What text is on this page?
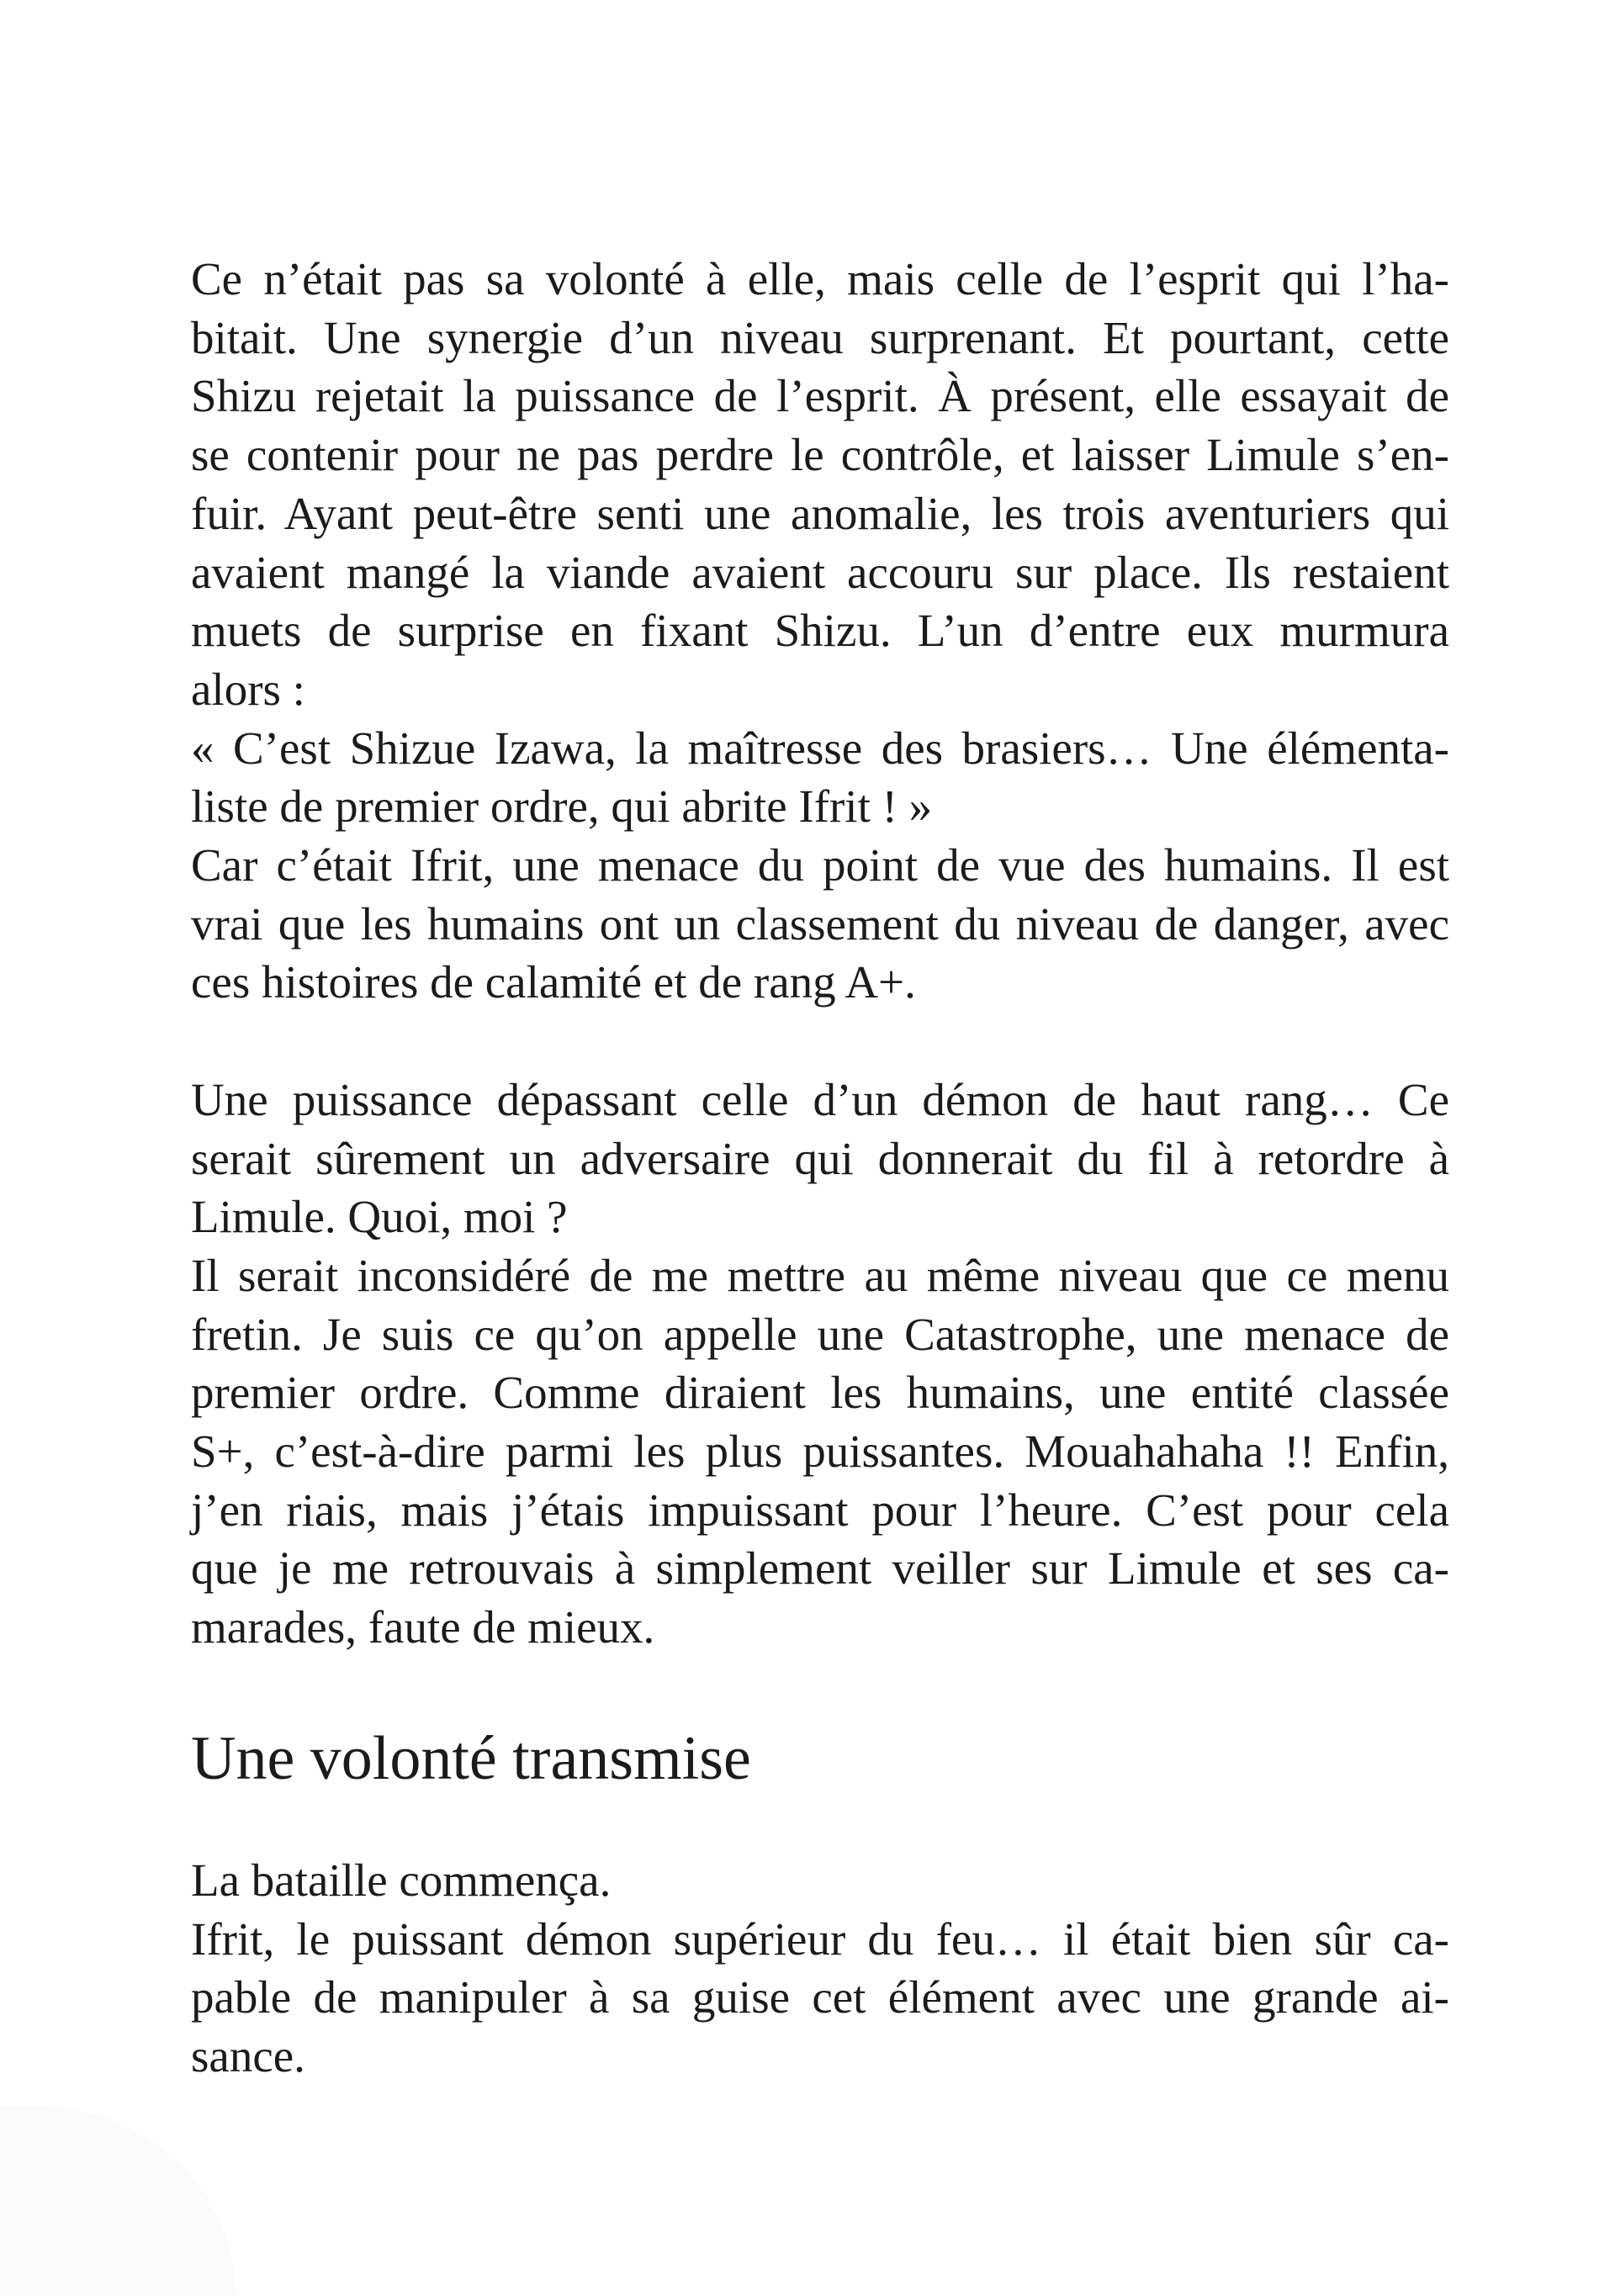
Ce n’était pas sa volonté à elle, mais celle de l’esprit qui l’ha-

bitait. Une synergie d’un niveau surprenant. Et pourtant, cette

Shizu rejetait la puissance de l’esprit. À présent, elle essayait de

se contenir pour ne pas perdre le contrôle, et laisser Limule s’en-

fuir. Ayant peut-être senti une anomalie, les trois aventuriers qui

avaient mangé la viande avaient accouru sur place. Ils restaient

muets de surprise en fixant Shizu. L’un d’entre eux murmura

alors :

« C’est Shizue Izawa, la maîtresse des brasiers… Une élémenta-

liste de premier ordre, qui abrite Ifrit ! »

Car c’était Ifrit, une menace du point de vue des humains. Il est

vrai que les humains ont un classement du niveau de danger, avec

ces histoires de calamité et de rang A+.

Une puissance dépassant celle d’un démon de haut rang… Ce

serait sûrement un adversaire qui donnerait du fil à retordre à

Limule. Quoi, moi ?

Il serait inconsidéré de me mettre au même niveau que ce menu

fretin. Je suis ce qu’on appelle une Catastrophe, une menace de

premier ordre. Comme diraient les humains, une entité classée

S+, c’est-à-dire parmi les plus puissantes. Mouahahaha !! Enfin,

j’en riais, mais j’étais impuissant pour l’heure. C’est pour cela

que je me retrouvais à simplement veiller sur Limule et ses ca-

marades, faute de mieux.

Une volonté transmise

La bataille commença.

Ifrit, le puissant démon supérieur du feu… il était bien sûr ca-

pable de manipuler à sa guise cet élément avec une grande ai-

sance.
